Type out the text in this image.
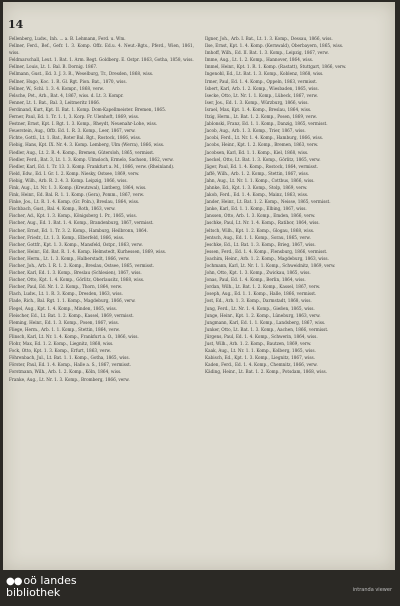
14
Fellenberg, Ludw., Inh. ... a. B. Lehmann, Ferd. u. Wm.
Fellner, Ferd., Bef., Gefr. 1. 3. Komp. Offz. Ed.u. 4. Neut.-Rgts., Pferd., Wien, 1861, wiss.
Feldmarschall, Leut. 1. Bat. 1. Arm. Regt. Goldberg. E. Ostpr. 1863, Gotha, 1858, wiss.
Fellner, Louis, Lt. 1. Bal. B. Dornig. 1867.
Fellmann, Gust., Ed. 3. J. 3. R., Weselburg, Tr., Dresden, 1868, wiss.
Fellner, Hugo, Koc. 1. R. Gl. Rgt. Pion. Bat., 1870, wiss.
Fellner, W., Schl. 1. 3. 4. Kompr., 1868, verw.
Felsche, Pet., Arb., Bat. 4, 1867, wiss. d. Lt. 3. Kompr.
Fenner, Lt. 1. Bat., Bal. 3, Leitmeritz 1866.
Ferdinand, Kurt, Kpt. II. Bat. 1. Komp. Dom-Kapellmeister. Bremen, 1865.
Ferner, Paul, Ed. 1. Tr. 1. 1, 3. Korp. Fr. Ulenhoft, 1869, wiss.
Festner, Ernst, Kpt. I. Rgt. 1. 3. Komp., Rheydt, Neuenahr-Lohe, wiss.
Feuerstein, Aug., Offz. Ed. 1. R. 3. Komp., Leer, 1867, verw.
Fichte, Gottl., Lt. 1. Bat., Roter Bal. Rgt., Rostock, 1866, wiss.
Fiebig, Hans, Kpt. IX. Nr. 4. 3. Komp. Lemberg, Ulm (Werra), 1866, wiss.
Fiedler, Aug., Lt. 2. R. 4. Komp., Bremen, Gütersloh, 1865, vermisst.
Fiedler, Ferd., Bat. 3, Lt. 1. 3. Komp. Ulmsloch, Ermelo, Sachsen, 1862, verw.
Fiedler, Karl, Ed. 1. Tr. 13. 3. Komp. Frankfurt a. M., 1866, verw. (Rheinland).
Field, Edw., Ed. I. Gr. 1. 2. Komp. Niesky, Ostsee, 1869, verw.
Fiebig, Wilh., Arb. R. 2. 4. 3. Komp. Leipzig, 1866, wiss.
Fink, Aug., Lt. Nr. 1. 3. Komp. (Kreutzwal), Lintberg, 1864, wiss.
Fink, Heinr., Ed. Bal. R. 1. 1. Komp. (Gera), Pomm., 1867, verw.
Finke, Jos., Lt. R. 1. 4. Komp. (Gr. Poln.), Breslau, 1864, wiss.
Fischbach, Gust., Bal. 4. Komp., Roth, 1863, verw.
Fischer, Ad., Kpt. 1. 3. Komp., Königsberg 1. Pr., 1865, wiss.
Fischer, Aug., Ed. 1. Bat. 1. 4. Komp., Brandenburg, 1867, vermisst.
Fischer, Ernst, Ed. 1. Tr. 3. 2. Komp., Hamburg, Heilbronn, 1864.
Fischer, Friedr., Lt. 1. 3. Komp., Elberfeld, 1866, wiss.
Fischer, Gottfr., Kpt. 1. 3. Komp., Mansfeld, Ostpr., 1863, verw.
Fischer, Heinr., Ed. Bat. R. 1. 4. Komp. Helmstedt, Kurhessen, 1869, wiss.
Fischer, Herm., Lt. 1. 3. Komp., Halberstadt, 1866, verw.
Fischer, Joh., Arb. I. R. 1. 2. Komp., Breslau, Ostsee, 1865, vermisst.
Fischer, Karl, Ed. 1. 3. Komp., Breslau (Schlesien), 1867, wiss.
Fischer, Otto, Kpt. 1. 4. Komp., Görlitz, Oberlausitz, 1868, wiss.
Fischer, Paul, Ed. Nr. 1. 2. Komp., Thorn, 1864, verw.
Flach, Ludw., Lt. 1. R. 3. Komp., Dresden, 1863, wiss.
Flade, Rich., Bal. Rgt. 1. 1. Komp., Magdeburg, 1866, verw.
Flegel, Aug., Kpt. 1. 4. Komp., Minden, 1865, wiss.
Fleischer, Ed., Lt. Bat. 1. 2. Komp., Kassel, 1869, vermisst.
Fleming, Heinr., Ed. 1. 3. Komp., Posen, 1867, wiss.
Fliege, Herm., Arb. 1. 1. Komp., Stettin, 1864, verw.
Flinsch, Karl, Lt. Nr. 1. 4. Komp., Frankfurt a. O., 1866, wiss.
Flohr, Max, Ed. 1. 2. Komp., Liegnitz, 1868, wiss.
Fock, Otto, Kpt. 1. 3. Komp., Erfurt, 1863, verw.
Föhrenbach, Jul., Lt. Bat. 1. 1. Komp., Gotha, 1865, wiss.
Förster, Paul, Ed. 1. 4. Komp., Halle a. S., 1867, vermisst.
Forstmann, Wilh., Arb. 1. 2. Komp., Köln, 1864, wiss.
Franke, Aug., Lt. Nr. 1. 3. Komp., Bromberg, 1866, verw.
Ilgner, Joh., Arb. I. Bat., Lt. 1. 3. Komp., Dessau, 1866, wiss.
Ilse, Ernst, Kpt. 1. 4. Komp. (Kernwald), Oberbayern, 1865, wiss.
Imhoff, Wilh., Ed. II. Bat. 1. 3. Komp., Leipzig, 1867, verw.
Imme, Aug., Lt. 1. 2. Komp., Hannover, 1864, wiss.
Immel, Heinr., Kpt. 1. R. 1. Komp. (Rastatt), Stuttgart, 1866, verw.
Ingenohl, Ed., Lt. Bat. 1. 3. Komp., Koblenz, 1868, wiss.
Irmer, Paul, Ed. 1. 4. Komp., Oppeln, 1863, vermisst.
Isbert, Karl, Arb. 1. 2. Komp., Wiesbaden, 1865, wiss.
Isecke, Otto, Lt. Nr. 1. 1. Komp., Lübeck, 1867, verw.
Iser, Jos., Ed. 1. 3. Komp., Würzburg, 1866, wiss.
Israel, Max, Kpt. 1. 4. Komp., Breslau, 1864, wiss.
Itzig, Herm., Lt. Bat. 1. 2. Komp., Posen, 1869, verw.
Jablonski, Franz, Ed. 1. 1. Komp., Danzig, 1865, vermisst.
Jacob, Aug., Arb. 1. 3. Komp., Trier, 1867, wiss.
Jacobi, Ferd., Lt. Nr. 1. 4. Komp., Hamburg, 1866, wiss.
Jacobs, Heinr., Kpt. 1. 2. Komp., Bremen, 1863, verw.
Jacobsen, Karl, Ed. 1. 1. Komp., Kiel, 1868, wiss.
Jaeckel, Otto, Lt. Bat. 1. 3. Komp., Görlitz, 1865, verw.
Jäger, Paul, Ed. 1. 4. Komp., Rostock, 1864, vermisst.
Jaffé, Wilh., Arb. 1. 2. Komp., Stettin, 1867, wiss.
Jahn, Aug., Lt. Nr. 1. 1. Komp., Cottbus, 1866, wiss.
Jahnke, Ed., Kpt. 1. 3. Komp., Stolp, 1869, verw.
Jakob, Ferd., Ed. 1. 4. Komp., Mainz, 1863, wiss.
Jander, Heinr., Lt. Bat. 1. 2. Komp., Neisse, 1865, vermisst.
Janke, Karl, Ed. 1. 1. Komp., Elbing, 1867, wiss.
Janssen, Otto, Arb. 1. 3. Komp., Emden, 1866, verw.
Jaschke, Paul, Lt. Nr. 1. 4. Komp., Ratibor, 1864, wiss.
Jeltsch, Wilh., Kpt. 1. 2. Komp., Glogau, 1868, wiss.
Jentsch, Aug., Ed. 1. 1. Komp., Sorau, 1865, verw.
Jeschke, Ed., Lt. Bat. 1. 3. Komp., Brieg, 1867, wiss.
Jessen, Ferd., Ed. 1. 4. Komp., Flensburg, 1866, vermisst.
Joachim, Heinr., Arb. 1. 2. Komp., Magdeburg, 1863, wiss.
Jochmann, Karl, Lt. Nr. 1. 1. Komp., Schweidnitz, 1869, verw.
John, Otto, Kpt. 1. 3. Komp., Zwickau, 1865, wiss.
Jonas, Paul, Ed. 1. 4. Komp., Berlin, 1864, wiss.
Jordan, Wilh., Lt. Bat. 1. 2. Komp., Kassel, 1867, verw.
Joseph, Aug., Ed. 1. 1. Komp., Halle, 1866, vermisst.
Jost, Ed., Arb. 1. 3. Komp., Darmstadt, 1868, wiss.
Jung, Ferd., Lt. Nr. 1. 4. Komp., Gießen, 1865, wiss.
Junge, Heinr., Kpt. 1. 2. Komp., Lüneburg, 1863, verw.
Jungmann, Karl, Ed. 1. 1. Komp., Landsberg, 1867, wiss.
Junker, Otto, Lt. Bat. 1. 3. Komp., Aachen, 1866, vermisst.
Jürgens, Paul, Ed. 1. 4. Komp., Schwerin, 1864, wiss.
Just, Wilh., Arb. 1. 2. Komp., Bautzen, 1869, verw.
Kaak, Aug., Lt. Nr. 1. 1. Komp., Kolberg, 1865, wiss.
Kabisch, Ed., Kpt. 1. 3. Komp., Liegnitz, 1867, wiss.
Kaden, Ferd., Ed. 1. 4. Komp., Chemnitz, 1866, verw.
Käding, Heinr., Lt. Bat. 1. 2. Komp., Potsdam, 1868, wiss.
●● oö landes
bibliothek	intranda viewer
